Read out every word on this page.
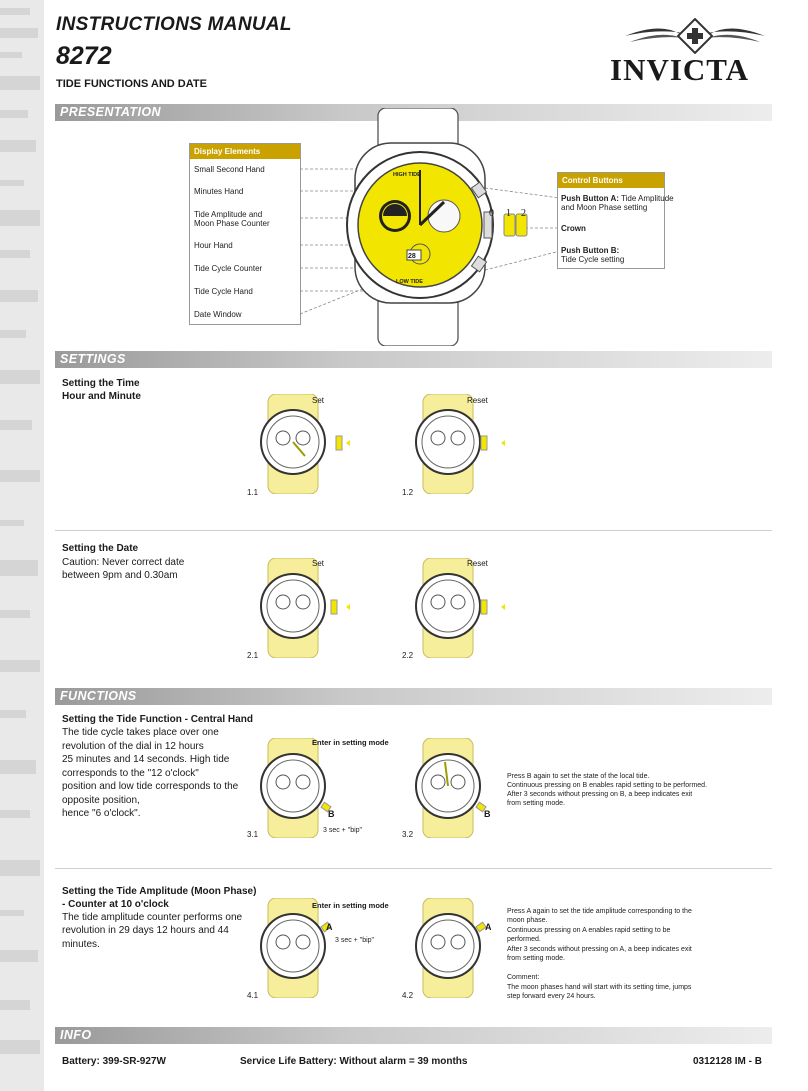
INSTRUCTIONS MANUAL
8272
TIDE FUNCTIONS AND DATE	INVICTA
PRESENTATION
Display Elements
Small Second Hand
Minutes Hand
Tide Amplitude and
Moon Phase Counter
Hour Hand
Tide Cycle Counter
Tide Cycle Hand
Date Window
HIGH TIDE
LOW TIDE
28
0 1 2
Control Buttons
Push Button A: Tide Amplitude
and Moon Phase setting
Crown
Push Button B:
Tide Cycle setting
SETTINGS
Setting the Time
Hour and Minute	Set
1.1
Reset
1.2
Setting the Date
Caution: Never correct date
between 9pm and 0.30am
Set
2.1
Reset
2.2
FUNCTIONS
Setting the Tide Function - Central Hand
The tide cycle takes place over one
revolution of the dial in 12 hours
25 minutes and 14 seconds. High tide
corresponds to the "12 o'clock"
position and low tide corresponds to the
opposite position,
hence "6 o'clock".
Enter in setting mode
B
3 sec + "bip"
3.1
B
3.2
Press B again to set the state of the local tide.
Continuous pressing on B enables rapid setting to be performed.
After 3 seconds without pressing on B, a beep indicates exit
from setting mode.
Setting the Tide Amplitude (Moon Phase)
- Counter at 10 o'clock
The tide amplitude counter performs one
revolution in 29 days 12 hours and 44
minutes.
Enter in setting mode
A
3 sec + "bip"
4.1
A
4.2
Press A again to set the tide amplitude corresponding to the
moon phase.
Continuous pressing on A enables rapid setting to be
performed.
After 3 seconds without pressing on A, a beep indicates exit
from setting mode.
Comment:
The moon phases hand will start with its setting time, jumps
step forward every 24 hours.
INFO
Battery: 399-SR-927W	Service Life Battery: Without alarm = 39 months	0312128 IM - B
